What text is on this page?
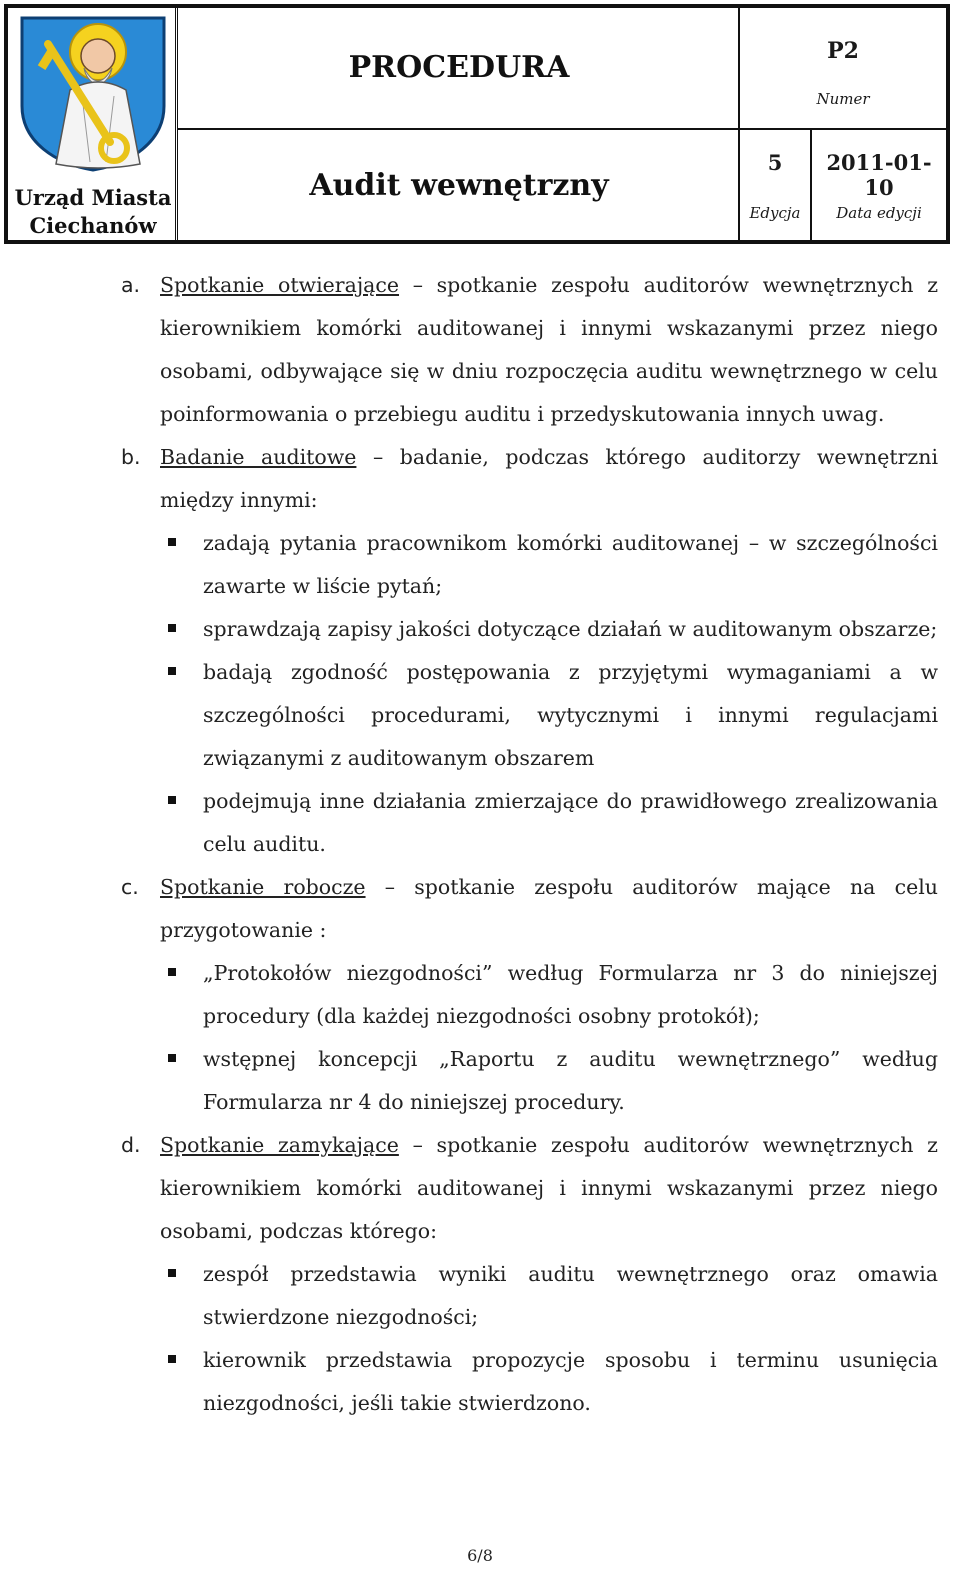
Urząd Miasta
Ciechanów
PROCEDURA
Audit wewnętrzny
P2
Numer
5
Edycja
2011-01-10
Data edycji
a. Spotkanie otwierające – spotkanie zespołu auditorów wewnętrznych z kierownikiem komórki auditowanej i innymi wskazanymi przez niego osobami, odbywające się w dniu rozpoczęcia auditu wewnętrznego w celu poinformowania o przebiegu auditu i przedyskutowania innych uwag.

b. Badanie auditowe – badanie, podczas którego auditorzy wewnętrzni między innymi:

zadają pytania pracownikom komórki auditowanej – w szczególności zawarte w liście pytań;

sprawdzają zapisy jakości dotyczące działań w auditowanym obszarze;

badają zgodność postępowania z przyjętymi wymaganiami a w szczególności procedurami, wytycznymi i innymi regulacjami związanymi z auditowanym obszarem

podejmują inne działania zmierzające do prawidłowego zrealizowania celu auditu.

c. Spotkanie robocze – spotkanie zespołu auditorów mające na celu przygotowanie :

„Protokołów niezgodności” według Formularza nr 3 do niniejszej procedury (dla każdej niezgodności osobny protokół);

wstępnej koncepcji „Raportu z auditu wewnętrznego” według Formularza nr 4 do niniejszej procedury.

d. Spotkanie zamykające – spotkanie zespołu auditorów wewnętrznych z kierownikiem komórki auditowanej i innymi wskazanymi przez niego osobami, podczas którego:

zespół przedstawia wyniki auditu wewnętrznego oraz omawia stwierdzone niezgodności;

kierownik przedstawia propozycje sposobu i terminu usunięcia niezgodności, jeśli takie stwierdzono.

6/8
